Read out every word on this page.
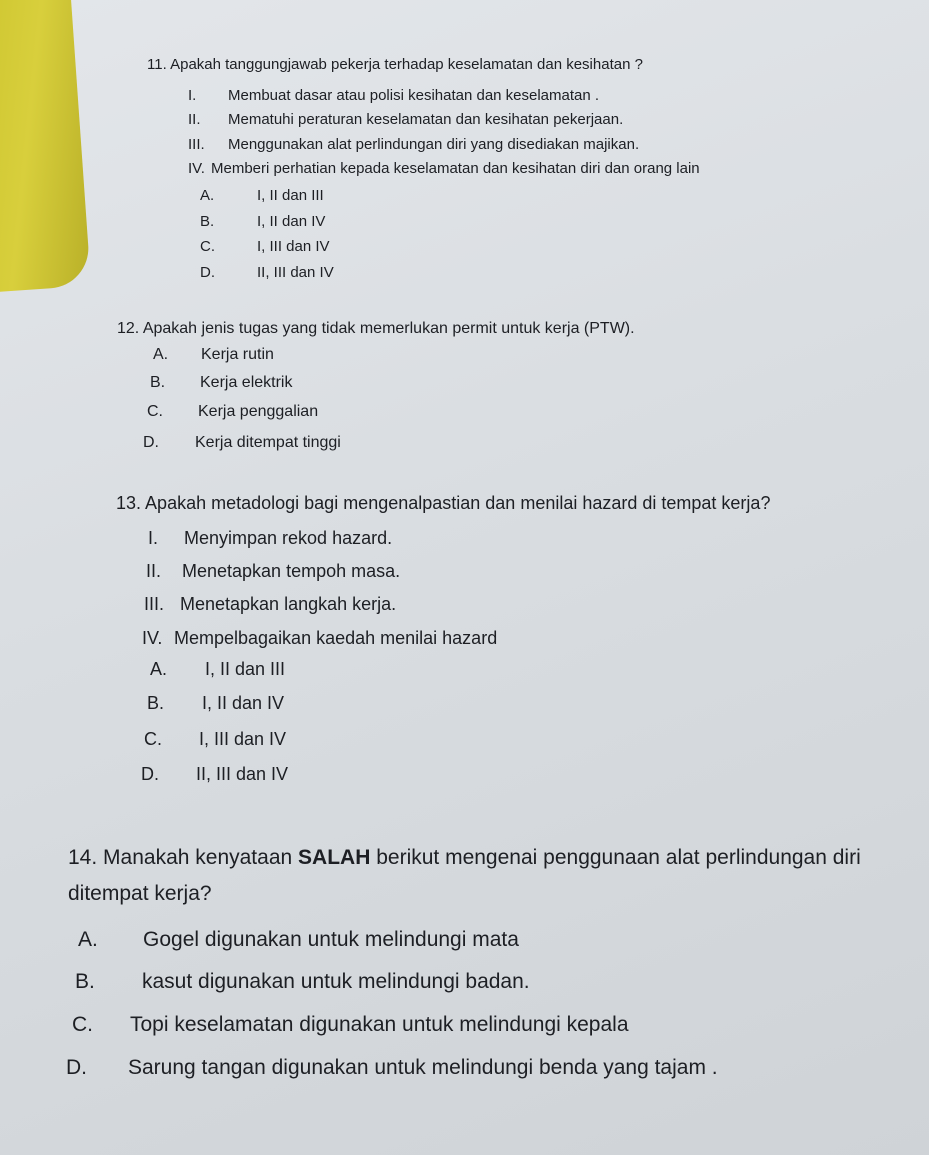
11. Apakah tanggungjawab pekerja terhadap keselamatan dan kesihatan ?
I. Membuat dasar atau polisi kesihatan dan keselamatan .
II. Mematuhi peraturan keselamatan dan kesihatan pekerjaan.
III. Menggunakan alat perlindungan diri yang disediakan majikan.
IV. Memberi perhatian kepada keselamatan dan kesihatan diri dan orang lain
A.	I, II dan III
B.	I, II dan IV
C.	I, III dan IV
D.	II, III dan IV
12. Apakah jenis tugas yang tidak memerlukan permit untuk kerja (PTW).
A. Kerja rutin
B. Kerja elektrik
C. Kerja penggalian
D. Kerja ditempat tinggi
13. Apakah metadologi bagi mengenalpastian dan menilai hazard di tempat kerja?
I. Menyimpan rekod hazard.
II. Menetapkan tempoh masa.
III. Menetapkan langkah kerja.
IV. Mempelbagaikan kaedah menilai hazard
A. I, II dan III
B. I, II dan IV
C. I, III dan IV
D. II, III dan IV
14. Manakah kenyataan SALAH berikut mengenai penggunaan alat perlindungan diri
ditempat kerja?
A. Gogel digunakan untuk melindungi mata
B. kasut digunakan untuk melindungi badan.
C. Topi keselamatan digunakan untuk melindungi kepala
D. Sarung tangan digunakan untuk melindungi benda yang tajam .
